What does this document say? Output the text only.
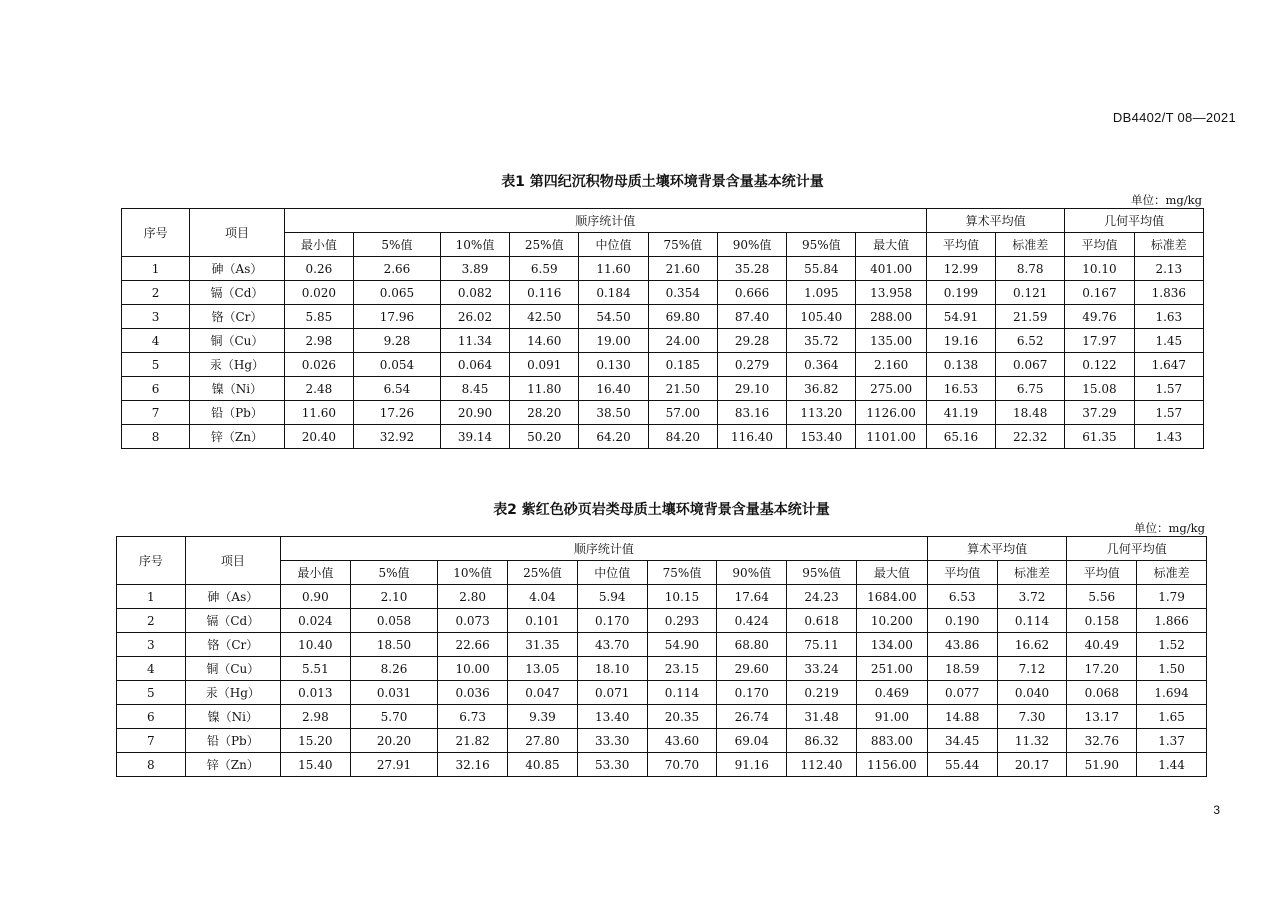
DB4402/T 08—2021
表1 第四纪沉积物母质土壤环境背景含量基本统计量
单位：mg/kg
序号	项目	顺序统计值									算术平均值		几何平均值	
		最小值	5%值	10%值	25%值	中位值	75%值	90%值	95%值	最大值	平均值	标准差	平均值	标准差
1	砷（As）	0.26	2.66	3.89	6.59	11.60	21.60	35.28	55.84	401.00	12.99	8.78	10.10	2.13
2	镉（Cd）	0.020	0.065	0.082	0.116	0.184	0.354	0.666	1.095	13.958	0.199	0.121	0.167	1.836
3	铬（Cr）	5.85	17.96	26.02	42.50	54.50	69.80	87.40	105.40	288.00	54.91	21.59	49.76	1.63
4	铜（Cu）	2.98	9.28	11.34	14.60	19.00	24.00	29.28	35.72	135.00	19.16	6.52	17.97	1.45
5	汞（Hg）	0.026	0.054	0.064	0.091	0.130	0.185	0.279	0.364	2.160	0.138	0.067	0.122	1.647
6	镍（Ni）	2.48	6.54	8.45	11.80	16.40	21.50	29.10	36.82	275.00	16.53	6.75	15.08	1.57
7	铅（Pb）	11.60	17.26	20.90	28.20	38.50	57.00	83.16	113.20	1126.00	41.19	18.48	37.29	1.57
8	锌（Zn）	20.40	32.92	39.14	50.20	64.20	84.20	116.40	153.40	1101.00	65.16	22.32	61.35	1.43
表2 紫红色砂页岩类母质土壤环境背景含量基本统计量
单位：mg/kg
序号	项目	顺序统计值									算术平均值		几何平均值	
		最小值	5%值	10%值	25%值	中位值	75%值	90%值	95%值	最大值	平均值	标准差	平均值	标准差
1	砷（As）	0.90	2.10	2.80	4.04	5.94	10.15	17.64	24.23	1684.00	6.53	3.72	5.56	1.79
2	镉（Cd）	0.024	0.058	0.073	0.101	0.170	0.293	0.424	0.618	10.200	0.190	0.114	0.158	1.866
3	铬（Cr）	10.40	18.50	22.66	31.35	43.70	54.90	68.80	75.11	134.00	43.86	16.62	40.49	1.52
4	铜（Cu）	5.51	8.26	10.00	13.05	18.10	23.15	29.60	33.24	251.00	18.59	7.12	17.20	1.50
5	汞（Hg）	0.013	0.031	0.036	0.047	0.071	0.114	0.170	0.219	0.469	0.077	0.040	0.068	1.694
6	镍（Ni）	2.98	5.70	6.73	9.39	13.40	20.35	26.74	31.48	91.00	14.88	7.30	13.17	1.65
7	铅（Pb）	15.20	20.20	21.82	27.80	33.30	43.60	69.04	86.32	883.00	34.45	11.32	32.76	1.37
8	锌（Zn）	15.40	27.91	32.16	40.85	53.30	70.70	91.16	112.40	1156.00	55.44	20.17	51.90	1.44
3
